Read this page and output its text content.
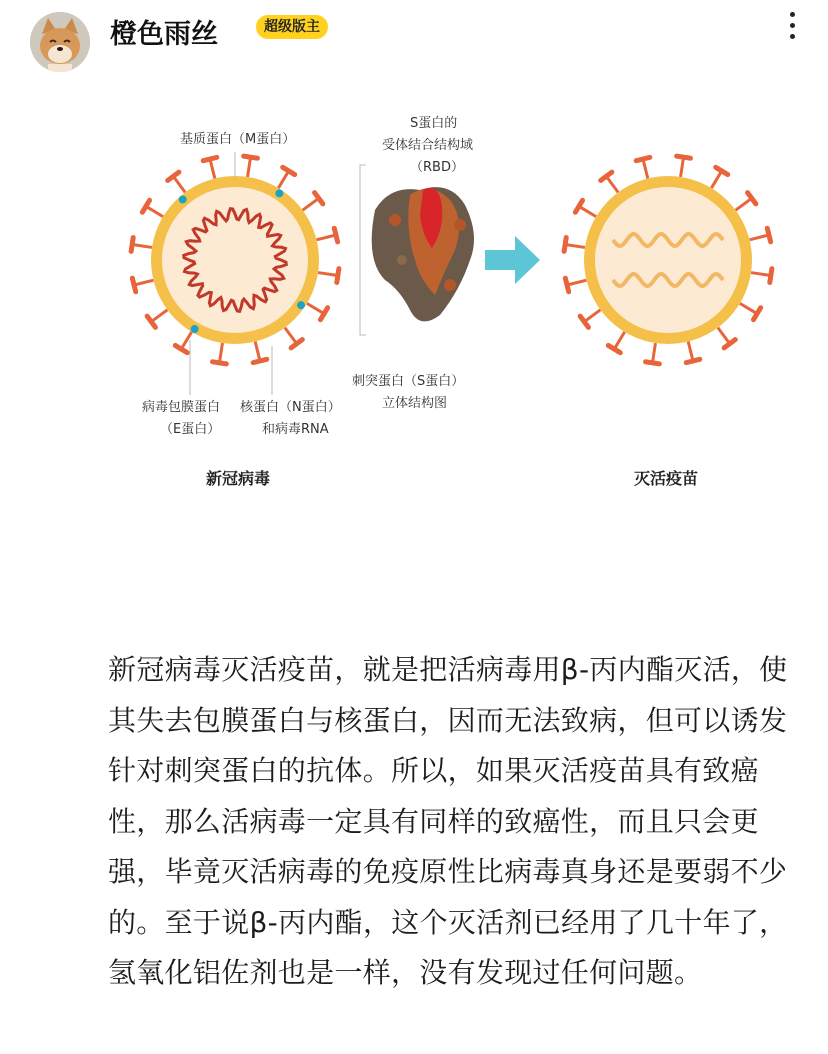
橙色雨丝	超级版主
基质蛋白（M蛋白）
病毒包膜蛋白
（E蛋白）
核蛋白（N蛋白）
和病毒RNA
S蛋白的
受体结合结构域
（RBD）
刺突蛋白（S蛋白）
立体结构图
新冠病毒	灭活疫苗

新冠病毒灭活疫苗，就是把活病毒用β-丙内酯灭活，使其失去包膜蛋白与核蛋白，因而无法致病，但可以诱发针对刺突蛋白的抗体。所以，如果灭活疫苗具有致癌性，那么活病毒一定具有同样的致癌性，而且只会更强，毕竟灭活病毒的免疫原性比病毒真身还是要弱不少的。至于说β-丙内酯，这个灭活剂已经用了几十年了，氢氧化铝佐剂也是一样，没有发现过任何问题。
